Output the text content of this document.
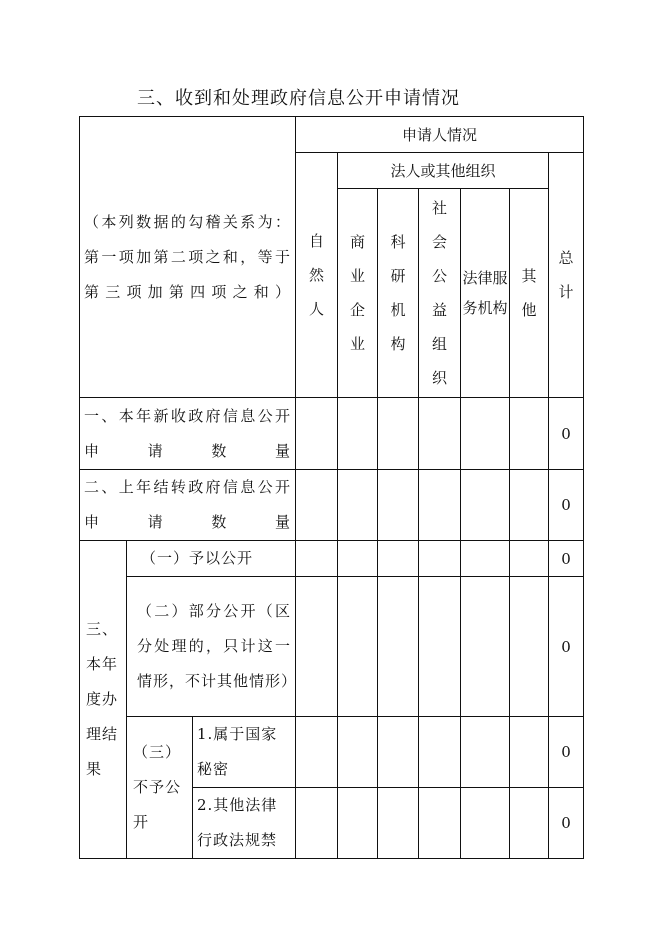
三、收到和处理政府信息公开申请情况
（本列数据的勾稽关系为：第一项加第二项之和，等于第三项加第四项之和）			申请人情况						

			自然人	法人或其他组织					总计

				商业企业	科研机构	社会公益组织	法律服务机构	其他	

一、本年新收政府信息公开申请数量									0
二、上年结转政府信息公开申请数量									0
三、本年度办理结果	（一）予以公开								0
	（二）部分公开（区分处理的，只计这一情形，不计其他情形）								0
	（三）不予公开	1.属于国家秘密							0
		2.其他法律行政法规禁							0
